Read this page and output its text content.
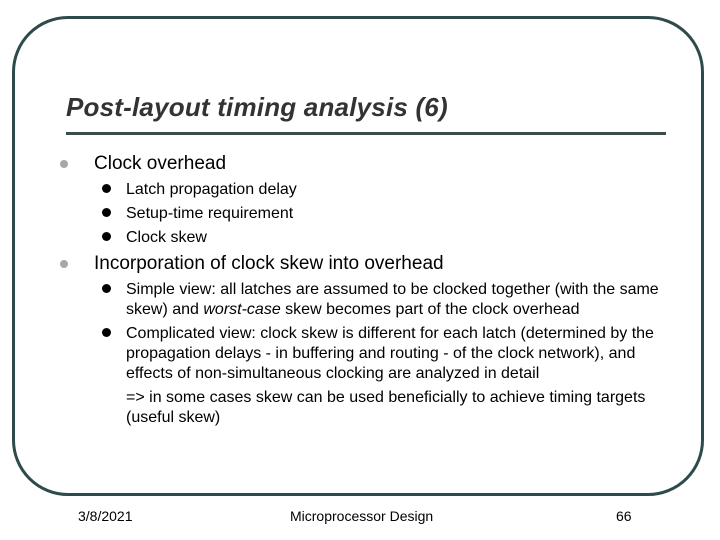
Post-layout timing analysis (6)
Clock overhead
Latch propagation delay
Setup-time requirement
Clock skew
Incorporation of clock skew into overhead
Simple view: all latches are assumed to be clocked together (with the same skew) and worst-case skew becomes part of the clock overhead
Complicated view: clock skew is different for each latch (determined by the propagation delays - in buffering and routing - of the clock network), and effects of non-simultaneous clocking are analyzed in detail
=> in some cases skew can be used beneficially to achieve timing targets (useful skew)
3/8/2021	Microprocessor Design	66
